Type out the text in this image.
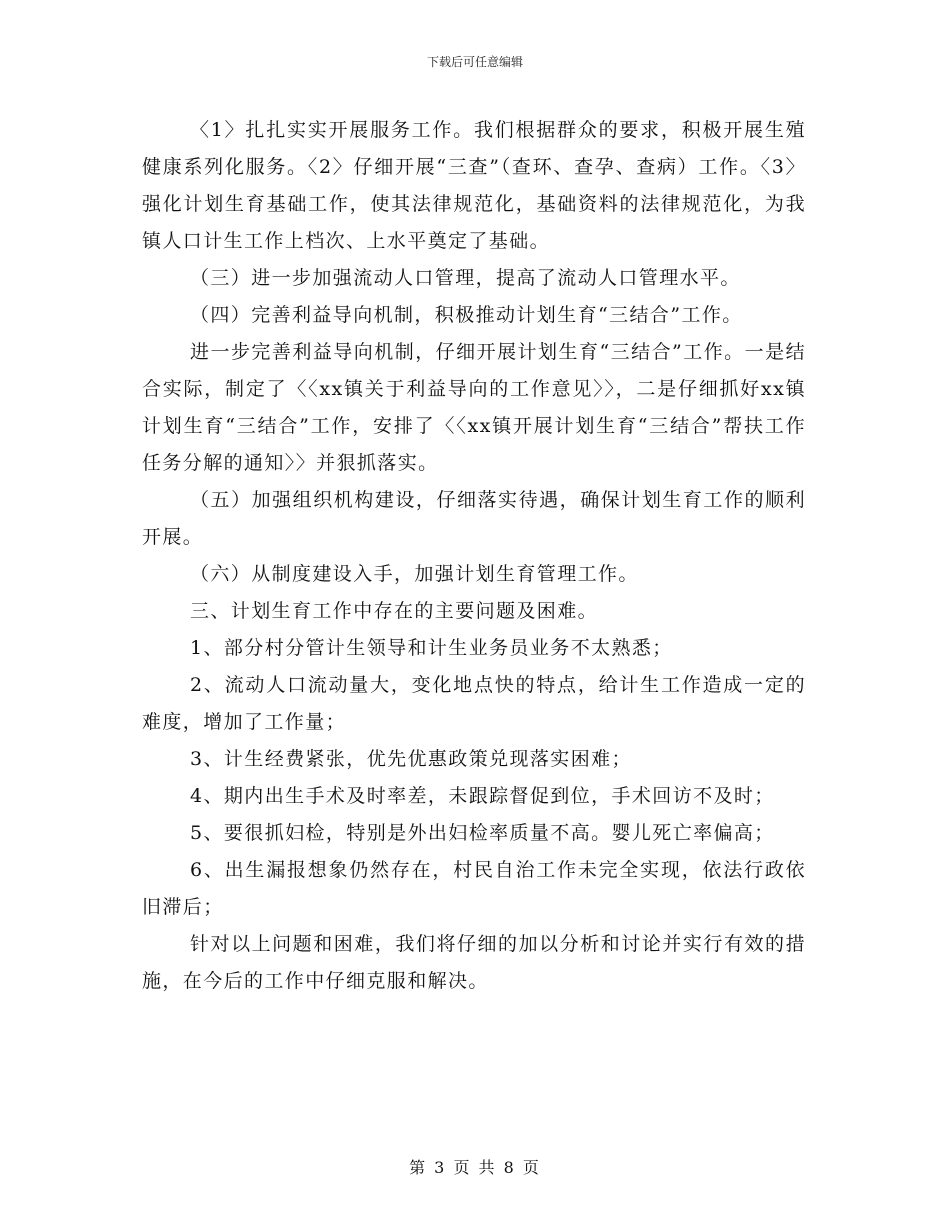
下载后可任意编辑

〈1〉扎扎实实开展服务工作。我们根据群众的要求，积极开展生殖健康系列化服务。〈2〉仔细开展“三查”（查环、查孕、查病）工作。〈3〉强化计划生育基础工作，使其法律规范化，基础资料的法律规范化，为我镇人口计生工作上档次、上水平奠定了基础。

（三）进一步加强流动人口管理，提高了流动人口管理水平。

（四）完善利益导向机制，积极推动计划生育“三结合”工作。

进一步完善利益导向机制，仔细开展计划生育“三结合”工作。一是结合实际，制定了〈〈xx镇关于利益导向的工作意见〉〉，二是仔细抓好xx镇计划生育“三结合”工作，安排了〈〈xx镇开展计划生育“三结合”帮扶工作任务分解的通知〉〉并狠抓落实。

（五）加强组织机构建设，仔细落实待遇，确保计划生育工作的顺利开展。

（六）从制度建设入手，加强计划生育管理工作。

三、计划生育工作中存在的主要问题及困难。

1、部分村分管计生领导和计生业务员业务不太熟悉；

2、流动人口流动量大，变化地点快的特点，给计生工作造成一定的难度，增加了工作量；

3、计生经费紧张，优先优惠政策兑现落实困难；

4、期内出生手术及时率差，未跟踪督促到位，手术回访不及时；

5、要很抓妇检，特别是外出妇检率质量不高。婴儿死亡率偏高；

6、出生漏报想象仍然存在，村民自治工作未完全实现，依法行政依旧滞后；

针对以上问题和困难，我们将仔细的加以分析和讨论并实行有效的措施，在今后的工作中仔细克服和解决。

第 3 页 共 8 页
